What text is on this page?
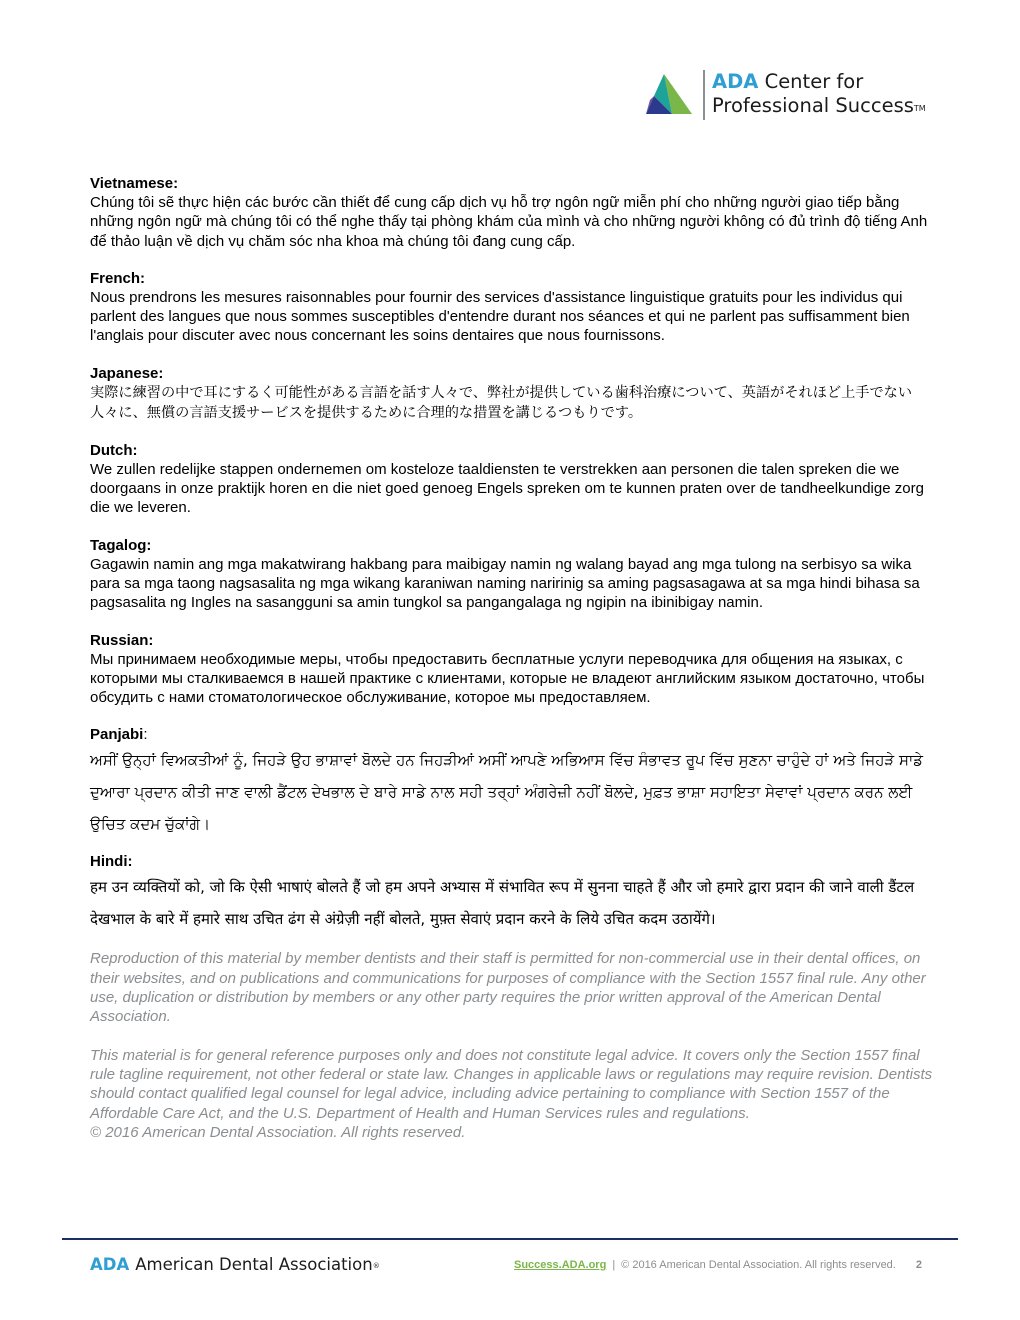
ADA Center for
Professional Success™

Vietnamese:

Chúng tôi sẽ thực hiện các bước cần thiết để cung cấp dịch vụ hỗ trợ ngôn ngữ miễn phí cho những người giao tiếp bằng những ngôn ngữ mà chúng tôi có thể nghe thấy tại phòng khám của mình và cho những người không có đủ trình độ tiếng Anh để thảo luận về dịch vụ chăm sóc nha khoa mà chúng tôi đang cung cấp.

French:

Nous prendrons les mesures raisonnables pour fournir des services d'assistance linguistique gratuits pour les individus qui parlent des langues que nous sommes susceptibles d'entendre durant nos séances et qui ne parlent pas suffisamment bien l'anglais pour discuter avec nous concernant les soins dentaires que nous fournissons.

Japanese:

実際に練習の中で耳にするく可能性がある言語を話す人々で、弊社が提供している歯科治療について、英語がそれほど上手でない人々に、無償の言語支援サービスを提供するために合理的な措置を講じるつもりです。

Dutch:

We zullen redelijke stappen ondernemen om kosteloze taaldiensten te verstrekken aan personen die talen spreken die we doorgaans in onze praktijk horen en die niet goed genoeg Engels spreken om te kunnen praten over de tandheelkundige zorg die we leveren.

Tagalog:

Gagawin namin ang mga makatwirang hakbang para maibigay namin ng walang bayad ang mga tulong na serbisyo sa wika para sa mga taong nagsasalita ng mga wikang karaniwan naming naririnig sa aming pagsasagawa at sa mga hindi bihasa sa pagsasalita ng Ingles na sasangguni sa amin tungkol sa pangangalaga ng ngipin na ibinibigay namin.

Russian:

Мы принимаем необходимые меры, чтобы предоставить бесплатные услуги переводчика для общения на языках, с которыми мы сталкиваемся в нашей практике с клиентами, которые не владеют английским языком достаточно, чтобы обсудить с нами стоматологическое обслуживание, которое мы предоставляем.

Panjabi:

ਅਸੀਂ ਉਨ੍ਹਾਂ ਵਿਅਕਤੀਆਂ ਨੂੰ, ਜਿਹੜੇ ਉਹ ਭਾਸ਼ਾਵਾਂ ਬੋਲਦੇ ਹਨ ਜਿਹੜੀਆਂ ਅਸੀਂ ਆਪਣੇ ਅਭਿਆਸ ਵਿੱਚ ਸੰਭਾਵਤ ਰੂਪ ਵਿੱਚ ਸੁਣਨਾ ਚਾਹੁੰਦੇ ਹਾਂ ਅਤੇ ਜਿਹੜੇ ਸਾਡੇ ਦੁਆਰਾ ਪ੍ਰਦਾਨ ਕੀਤੀ ਜਾਣ ਵਾਲੀ ਡੈਂਟਲ ਦੇਖਭਾਲ ਦੇ ਬਾਰੇ ਸਾਡੇ ਨਾਲ ਸਹੀ ਤਰ੍ਹਾਂ ਅੰਗਰੇਜ਼ੀ ਨਹੀਂ ਬੋਲਦੇ, ਮੁਫ਼ਤ ਭਾਸ਼ਾ ਸਹਾਇਤਾ ਸੇਵਾਵਾਂ ਪ੍ਰਦਾਨ ਕਰਨ ਲਈ ਉਚਿਤ ਕਦਮ ਚੁੱਕਾਂਗੇ।

Hindi:

हम उन व्यक्तियों को, जो कि ऐसी भाषाएं बोलते हैं जो हम अपने अभ्यास में संभावित रूप में सुनना चाहते हैं और जो हमारे द्वारा प्रदान की जाने वाली डैंटल देखभाल के बारे में हमारे साथ उचित ढंग से अंग्रेज़ी नहीं बोलते, मुफ़्त सेवाएं प्रदान करने के लिये उचित कदम उठायेंगे।

Reproduction of this material by member dentists and their staff is permitted for non-commercial use in their dental offices, on their websites, and on publications and communications for purposes of compliance with the Section 1557 final rule. Any other use, duplication or distribution by members or any other party requires the prior written approval of the American Dental Association.

This material is for general reference purposes only and does not constitute legal advice. It covers only the Section 1557 final rule tagline requirement, not other federal or state law. Changes in applicable laws or regulations may require revision. Dentists should contact qualified legal counsel for legal advice, including advice pertaining to compliance with Section 1557 of the Affordable Care Act, and the U.S. Department of Health and Human Services rules and regulations.
© 2016 American Dental Association. All rights reserved.

ADA American Dental Association®	Success.ADA.org | © 2016 American Dental Association. All rights reserved. 2
